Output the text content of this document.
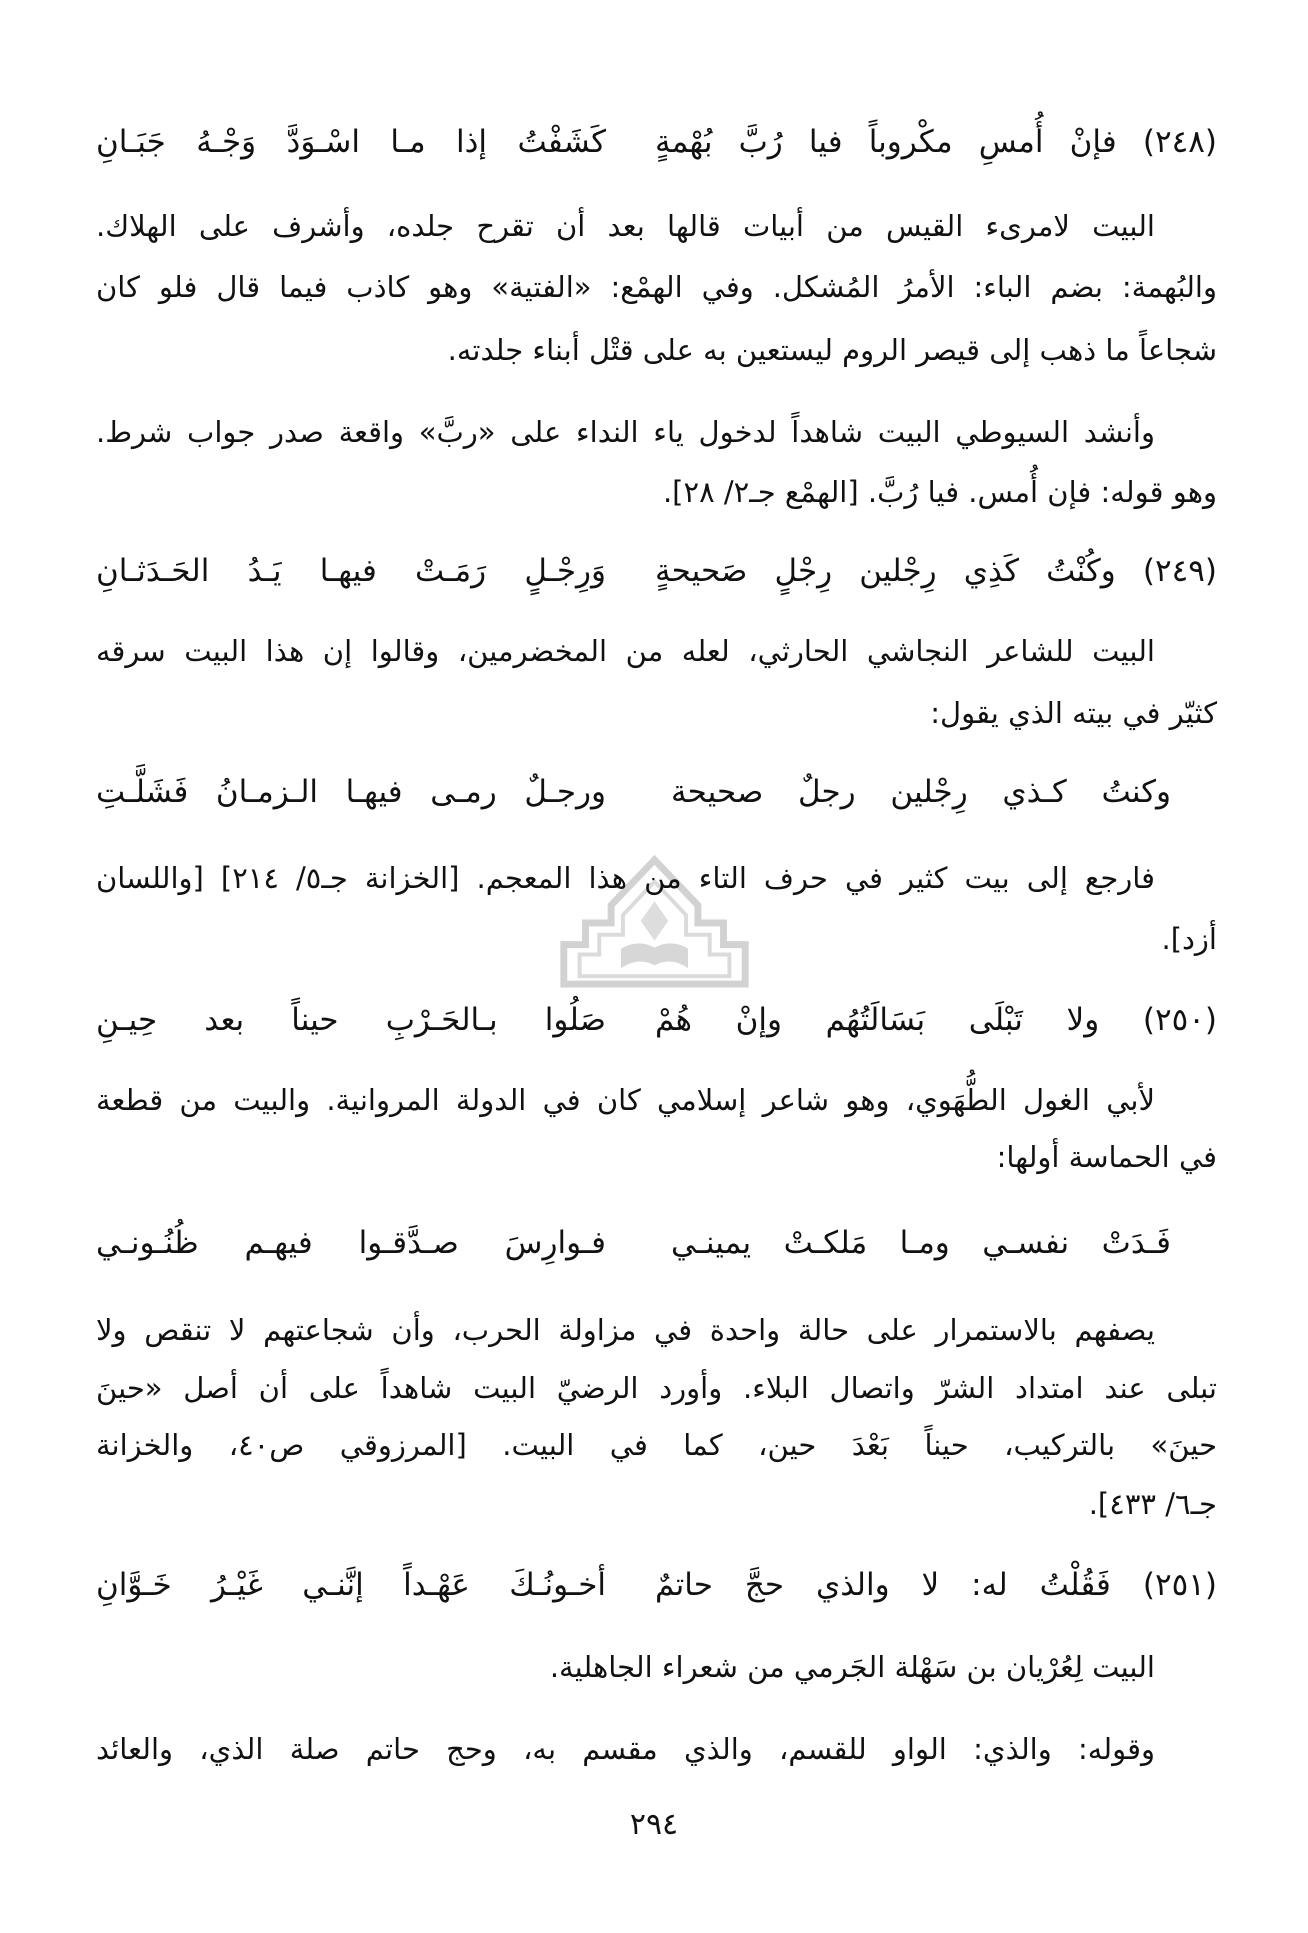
(٢٤٨) فإنْ أُمسِ مكْروباً فيا رُبَّ بُهْمةٍ
كَشَفْتُ إذا مـا اسْـوَدَّ وَجْـهُ جَبَـانِ
البيت لامرىء القيس من أبيات قالها بعد أن تقرح جلده، وأشرف على الهلاك.
والبُهمة: بضم الباء: الأمرُ المُشكل. وفي الهمْع: «الفتية» وهو كاذب فيما قال فلو كان
شجاعاً ما ذهب إلى قيصر الروم ليستعين به على قتْل أبناء جلدته.
وأنشد السيوطي البيت شاهداً لدخول ياء النداء على «ربَّ» واقعة صدر جواب شرط.
وهو قوله: فإن أُمس. فيا رُبَّ. [الهمْع جـ٢/ ٢٨].
(٢٤٩) وكُنْتُ كَذِي رِجْلين رِجْلٍ صَحيحةٍ
وَرِجْـلٍ رَمَـتْ فيهـا يَـدُ الحَـدَثـانِ
البيت للشاعر النجاشي الحارثي، لعله من المخضرمين، وقالوا إن هذا البيت سرقه
كثيّر في بيته الذي يقول:
وكنتُ كـذي رِجْلين رجلٌ صحيحة
ورجـلٌ رمـى فيهـا الـزمـانُ فَشَلَّـتِ
فارجع إلى بيت كثير في حرف التاء من هذا المعجم. [الخزانة جـ٥/ ٢١٤] [واللسان
أزد].
(٢٥٠) ولا تَبْلَى بَسَالَتُهُم وإنْ هُمْ
صَلُوا بـالحَـرْبِ حيناً بعد حِيـنِ
لأبي الغول الطُّهَوي، وهو شاعر إسلامي كان في الدولة المروانية. والبيت من قطعة
في الحماسة أولها:
فَـدَتْ نفسـي ومـا مَلكـتْ يمينـي
فـوارِسَ صـدَّقـوا فيهـم ظُنُـونـي
يصفهم بالاستمرار على حالة واحدة في مزاولة الحرب، وأن شجاعتهم لا تنقص ولا
تبلى عند امتداد الشرّ واتصال البلاء. وأورد الرضيّ البيت شاهداً على أن أصل «حينَ
حينَ» بالتركيب، حيناً بَعْدَ حين، كما في البيت. [المرزوقي ص٤٠، والخزانة
جـ٦/ ٤٣٣].
(٢٥١) فَقُلْتُ له: لا والذي حجَّ حاتمٌ
أخـونُـكَ عَهْـداً إنَّنـي غَيْـرُ خَـوَّانِ
البيت لِعُرْيان بن سَهْلة الجَرمي من شعراء الجاهلية.
وقوله: والذي: الواو للقسم، والذي مقسم به، وحج حاتم صلة الذي، والعائد
٢٩٤
